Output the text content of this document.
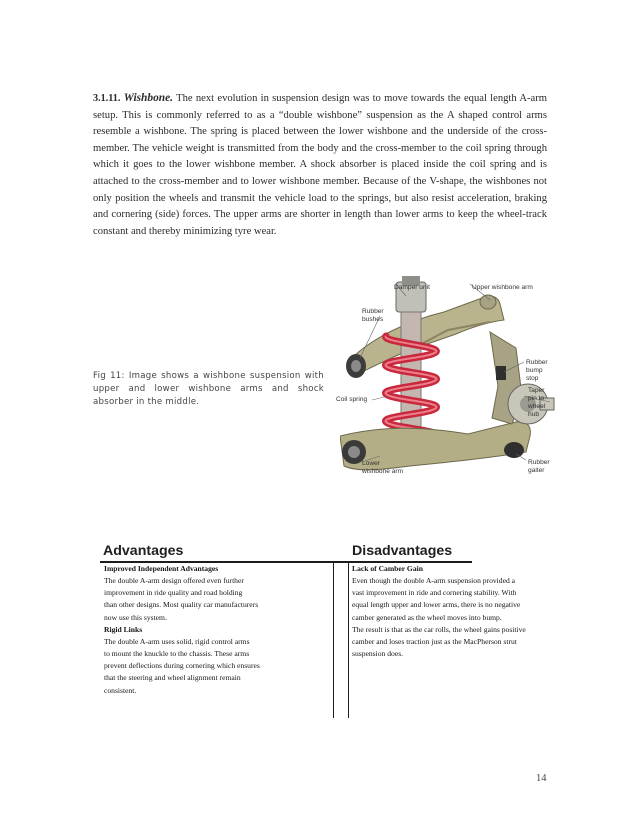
3.1.11. Wishbone. The next evolution in suspension design was to move towards the equal length A-arm setup. This is commonly referred to as a “double wishbone” suspension as the A shaped control arms resemble a wishbone. The spring is placed between the lower wishbone and the underside of the cross-member. The vehicle weight is transmitted from the body and the cross-member to the coil spring through which it goes to the lower wishbone member. A shock absorber is placed inside the coil spring and is attached to the cross-member and to lower wishbone member. Because of the V-shape, the wishbones not only position the wheels and transmit the vehicle load to the springs, but also resist acceleration, braking and cornering (side) forces. The upper arms are shorter in length than lower arms to keep the wheel-track constant and thereby minimizing tyre wear.

Damper unit	Upper wishbone arm
Rubber
bushes
Rubber
bump
stop
Taper
pin to
wheel
hub
Coil spring
Lower
wishbone arm
Rubber
gaiter

Fig 11: Image shows a wishbone suspension with upper and lower wishbone arms and shock absorber in the middle.

Advantages	Disadvantages
Improved Independent Advantages
The double A-arm design offered even further
improvement in ride quality and road holding
than other designs. Most quality car manufacturers
now use this system.
Rigid Links
The double A-arm uses solid, rigid control arms
to mount the knuckle to the chassis. These arms
prevent deflections during cornering which ensures
that the steering and wheel alignment remain
consistent.
Lack of Camber Gain
Even though the double A-arm suspension provided a
vast improvement in ride and cornering stability. With
equal length upper and lower arms, there is no negative
camber generated as the wheel moves into bump.
The result is that as the car rolls, the wheel gains positive
camber and loses traction just as the MacPherson strut
suspension does.
14
